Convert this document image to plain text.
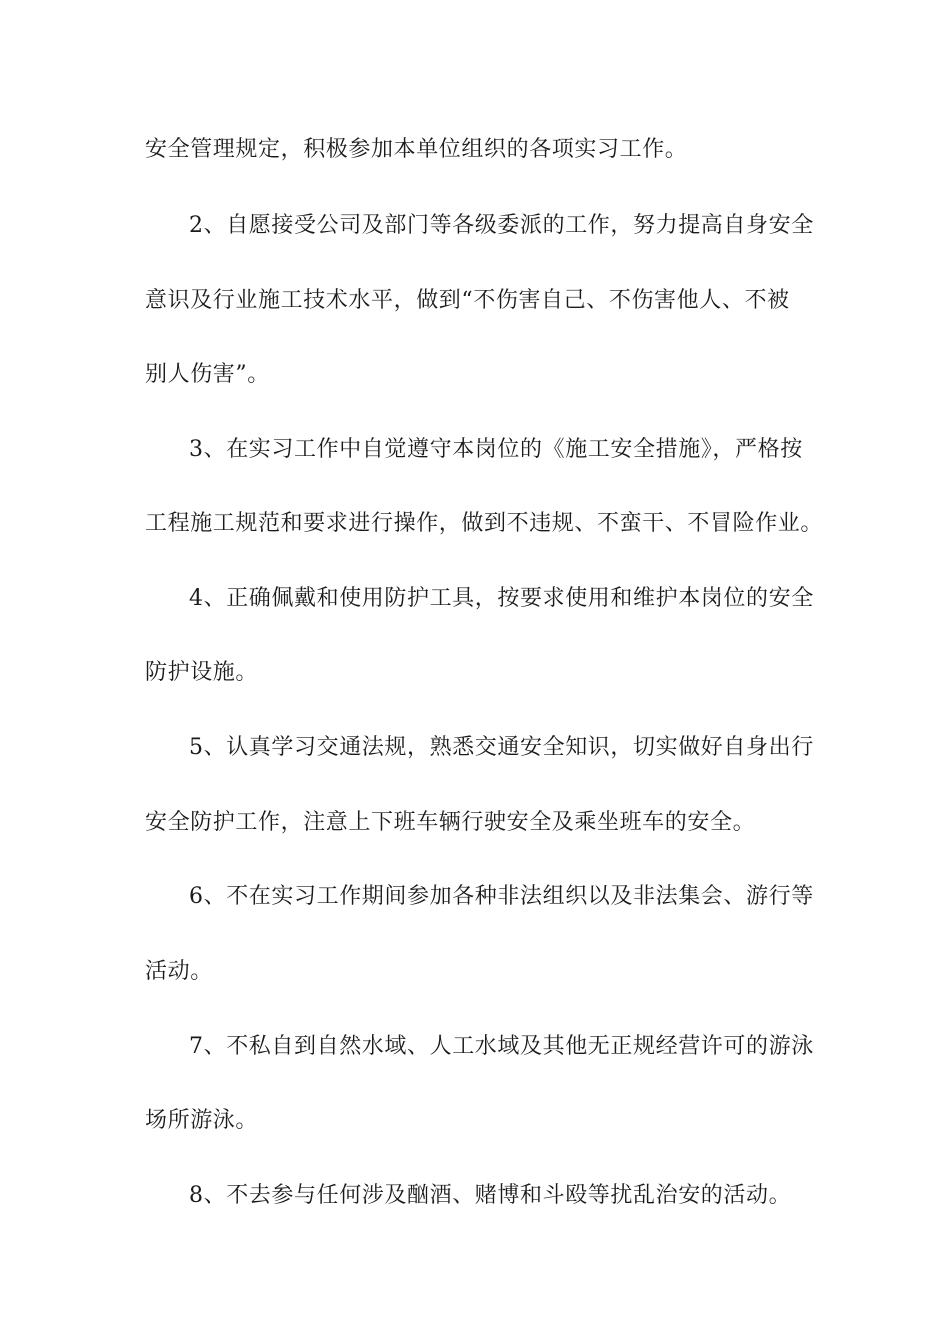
安全管理规定，积极参加本单位组织的各项实习工作。
2、自愿接受公司及部门等各级委派的工作，努力提高自身安全
意识及行业施工技术水平，做到“不伤害自己、不伤害他人、不被
别人伤害”。
3、在实习工作中自觉遵守本岗位的《施工安全措施》，严格按
工程施工规范和要求进行操作，做到不违规、不蛮干、不冒险作业。
4、正确佩戴和使用防护工具，按要求使用和维护本岗位的安全
防护设施。
5、认真学习交通法规，熟悉交通安全知识，切实做好自身出行
安全防护工作，注意上下班车辆行驶安全及乘坐班车的安全。
6、不在实习工作期间参加各种非法组织以及非法集会、游行等
活动。
7、不私自到自然水域、人工水域及其他无正规经营许可的游泳
场所游泳。
8、不去参与任何涉及酗酒、赌博和斗殴等扰乱治安的活动。
